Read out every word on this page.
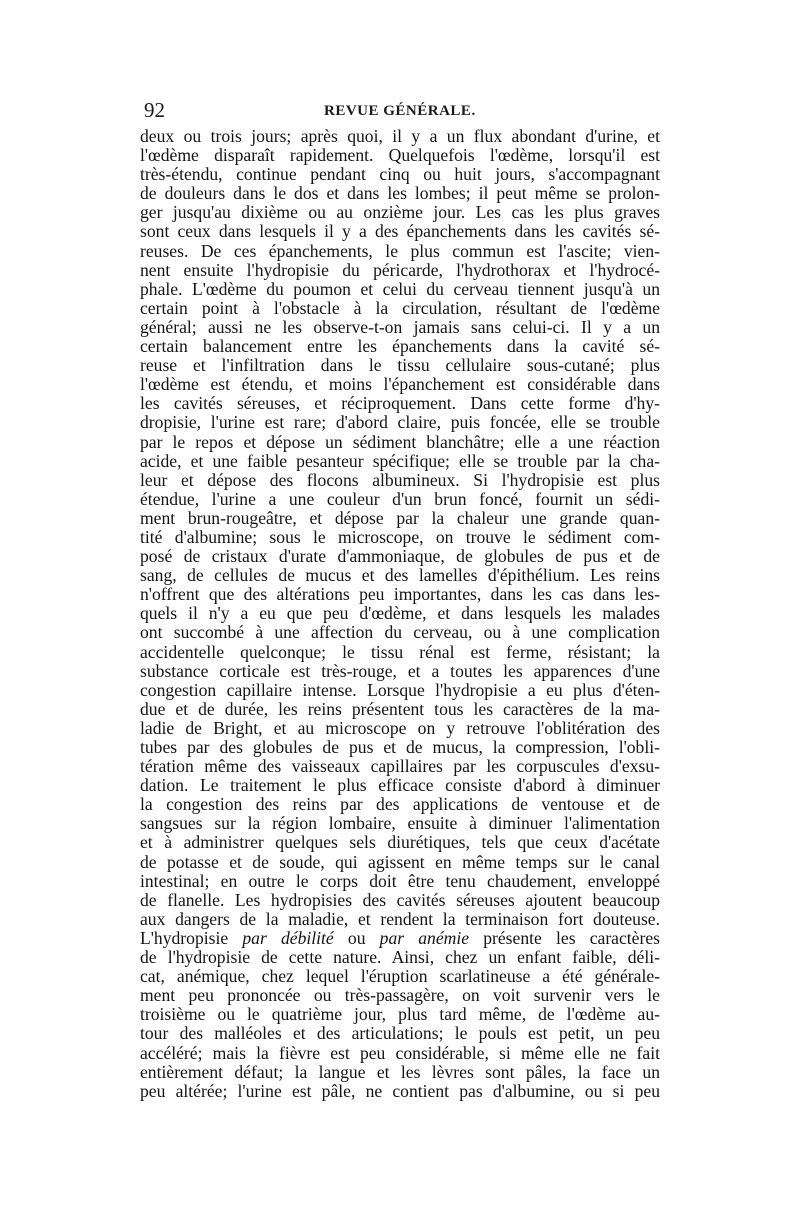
92	REVUE GÉNÉRALE.
deux ou trois jours; après quoi, il y a un flux abondant d'urine, et
l'œdème disparaît rapidement. Quelquefois l'œdème, lorsqu'il est
très-étendu, continue pendant cinq ou huit jours, s'accompagnant
de douleurs dans le dos et dans les lombes; il peut même se prolon-
ger jusqu'au dixième ou au onzième jour. Les cas les plus graves
sont ceux dans lesquels il y a des épanchements dans les cavités sé-
reuses. De ces épanchements, le plus commun est l'ascite; vien-
nent ensuite l'hydropisie du péricarde, l'hydrothorax et l'hydrocé-
phale. L'œdème du poumon et celui du cerveau tiennent jusqu'à un
certain point à l'obstacle à la circulation, résultant de l'œdème
général; aussi ne les observe-t-on jamais sans celui-ci. Il y a un
certain balancement entre les épanchements dans la cavité sé-
reuse et l'infiltration dans le tissu cellulaire sous-cutané; plus
l'œdème est étendu, et moins l'épanchement est considérable dans
les cavités séreuses, et réciproquement. Dans cette forme d'hy-
dropisie, l'urine est rare; d'abord claire, puis foncée, elle se trouble
par le repos et dépose un sédiment blanchâtre; elle a une réaction
acide, et une faible pesanteur spécifique; elle se trouble par la cha-
leur et dépose des flocons albumineux. Si l'hydropisie est plus
étendue, l'urine a une couleur d'un brun foncé, fournit un sédi-
ment brun-rougeâtre, et dépose par la chaleur une grande quan-
tité d'albumine; sous le microscope, on trouve le sédiment com-
posé de cristaux d'urate d'ammoniaque, de globules de pus et de
sang, de cellules de mucus et des lamelles d'épithélium. Les reins
n'offrent que des altérations peu importantes, dans les cas dans les-
quels il n'y a eu que peu d'œdème, et dans lesquels les malades
ont succombé à une affection du cerveau, ou à une complication
accidentelle quelconque; le tissu rénal est ferme, résistant; la
substance corticale est très-rouge, et a toutes les apparences d'une
congestion capillaire intense. Lorsque l'hydropisie a eu plus d'éten-
due et de durée, les reins présentent tous les caractères de la ma-
ladie de Bright, et au microscope on y retrouve l'oblitération des
tubes par des globules de pus et de mucus, la compression, l'obli-
tération même des vaisseaux capillaires par les corpuscules d'exsu-
dation. Le traitement le plus efficace consiste d'abord à diminuer
la congestion des reins par des applications de ventouse et de
sangsues sur la région lombaire, ensuite à diminuer l'alimentation
et à administrer quelques sels diurétiques, tels que ceux d'acétate
de potasse et de soude, qui agissent en même temps sur le canal
intestinal; en outre le corps doit être tenu chaudement, enveloppé
de flanelle. Les hydropisies des cavités séreuses ajoutent beaucoup
aux dangers de la maladie, et rendent la terminaison fort douteuse.
L'hydropisie par débilité ou par anémie présente les caractères
de l'hydropisie de cette nature. Ainsi, chez un enfant faible, déli-
cat, anémique, chez lequel l'éruption scarlatineuse a été générale-
ment peu prononcée ou très-passagère, on voit survenir vers le
troisième ou le quatrième jour, plus tard même, de l'œdème au-
tour des malléoles et des articulations; le pouls est petit, un peu
accéléré; mais la fièvre est peu considérable, si même elle ne fait
entièrement défaut; la langue et les lèvres sont pâles, la face un
peu altérée; l'urine est pâle, ne contient pas d'albumine, ou si peu
